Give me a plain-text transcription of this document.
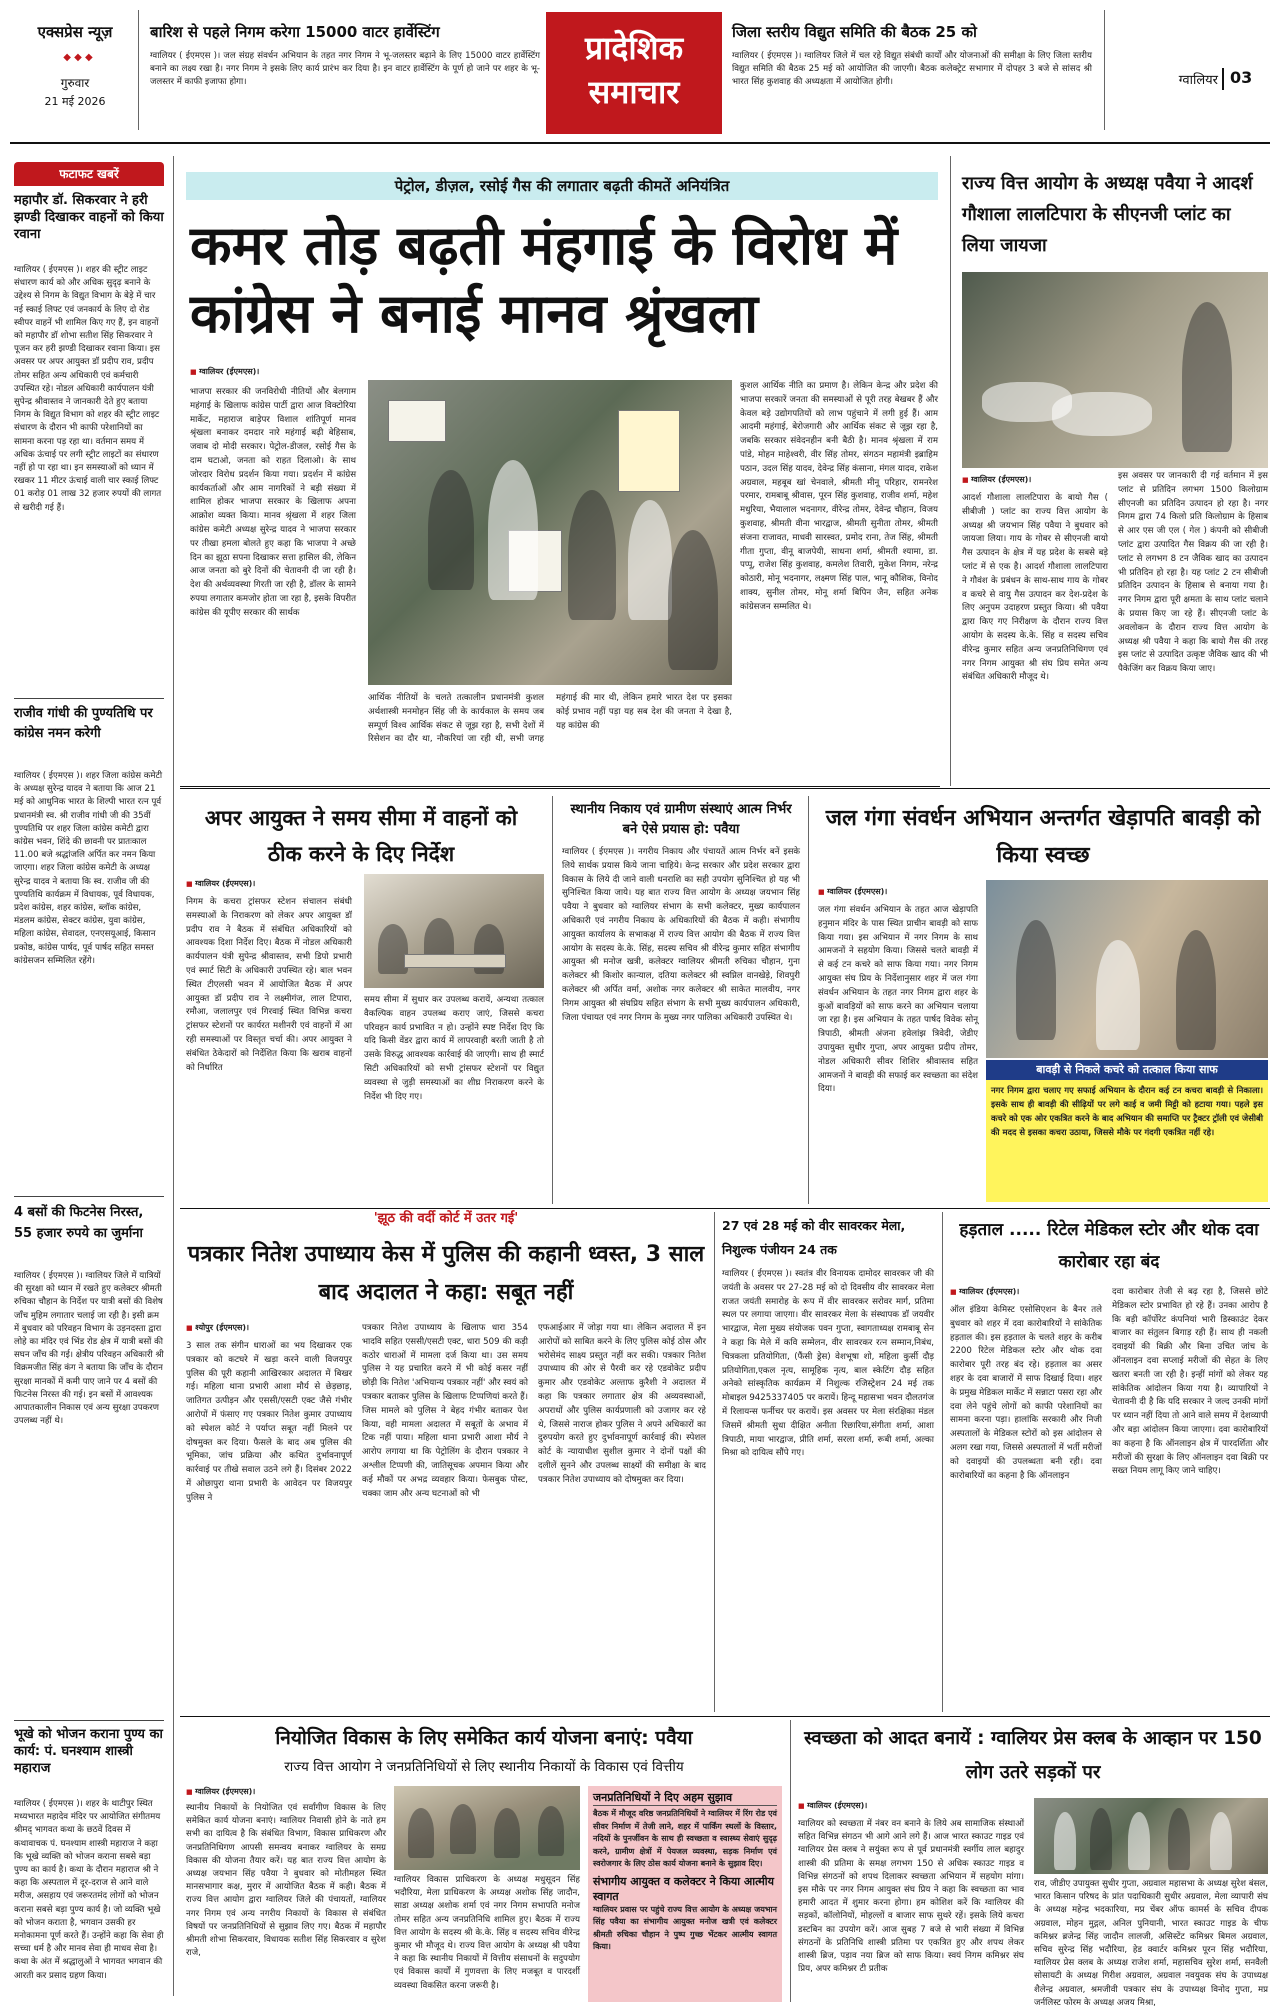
एक्सप्रेस न्यूज़
◆ ◆ ◆
गुरुवार
21 मई 2026
बारिश से पहले निगम करेगा 15000 वाटर हार्वेस्टिंग
ग्वालियर ( ईएमएस )। जल संग्रह संवर्धन अभियान के तहत नगर निगम ने भू-जलस्तर बढ़ाने के लिए 15000 वाटर हार्वेस्टिंग बनाने का लक्ष्य रखा है। नगर निगम ने इसके लिए कार्य प्रारंभ कर दिया है। इन वाटर हार्वेस्टिंग के पूर्ण हो जाने पर शहर के भू-जलस्तर में काफी इजाफा होगा।
प्रादेशिक
समाचार
जिला स्तरीय विद्युत समिति की बैठक 25 को
ग्वालियर ( ईएमएस )। ग्वालियर जिले में चल रहे विद्युत संबंधी कार्यों और योजनाओं की समीक्षा के लिए जिला स्तरीय विद्युत समिति की बैठक 25 मई को आयोजित की जाएगी। बैठक कलेक्ट्रेट सभागार में दोपहर 3 बजे से सांसद श्री भारत सिंह कुशवाह की अध्यक्षता में आयोजित होगी।	ग्वालियर 03
फटाफट खबरें
महापौर डॉ. सिकरवार ने हरी झण्डी दिखाकर वाहनों को किया रवाना
ग्वालियर ( ईएमएस )। शहर की स्ट्रीट लाइट संधारण कार्य को और अधिक सुदृढ़ बनाने के उद्देश्य से निगम के विद्युत विभाग के बेड़े में चार नई स्काई लिफ्ट एवं जनकार्य के लिए दो रोड स्वीपर वाहनें भी शामिल किए गए हैं, इन वाहनों को महापौर डॉ शोभा सतीश सिंह सिकरवार ने पूजन कर हरी झण्डी दिखाकर रवाना किया। इस अवसर पर अपर आयुक्त डॉ प्रदीप राव, प्रदीप तोमर सहित अन्य अधिकारी एवं कर्मचारी उपस्थित रहे। नोडल अधिकारी कार्यपालन यंत्री सुपेन्द्र श्रीवास्तव ने जानकारी देते हुए बताया निगम के विद्युत विभाग को शहर की स्ट्रीट लाइट संधारण के दौरान भी काफी परेशानियों का सामना करना पड़ रहा था। वर्तमान समय में अधिक ऊंचाई पर लगी स्ट्रीट लाइटों का संधारण नहीं हो पा रहा था। इन समस्याओं को ध्यान में रखकर 11 मीटर ऊंचाई वाली चार स्काई लिफ्ट 01 करोड़ 01 लाख 32 हजार रुपयों की लागत से खरीदी गई हैं।
राजीव गांधी की पुण्यतिथि पर कांग्रेस नमन करेगी
ग्वालियर ( ईएमएस )। शहर जिला कांग्रेस कमेटी के अध्यक्ष सुरेन्द्र यादव ने बताया कि आज 21 मई को आधुनिक भारत के शिल्पी भारत रत्न पूर्व प्रधानमंत्री स्व. श्री राजीव गांधी जी की 35वीं पुण्यतिथि पर शहर जिला कांग्रेस कमेटी द्वारा कांग्रेस भवन, शिंदे की छावनी पर प्रातःकाल 11.00 बजे श्रद्धांजलि अर्पित कर नमन किया जाएगा। शहर जिला कांग्रेस कमेटी के अध्यक्ष सुरेन्द्र यादव ने बताया कि स्व. राजीव जी की पुण्यतिथि कार्यक्रम में विधायक, पूर्व विधायक, प्रदेश कांग्रेस, शहर कांग्रेस, ब्लॉक कांग्रेस, मंडलम कांग्रेस, सेक्टर कांग्रेस, युवा कांग्रेस, महिला कांग्रेस, सेवादल, एनएसयूआई, किसान प्रकोष्ठ, कांग्रेस पार्षद, पूर्व पार्षद सहित समस्त कांग्रेसजन सम्मिलित रहेंगे।
4 बसों की फिटनेस निरस्त, 55 हजार रुपये का जुर्माना
ग्वालियर ( ईएमएस )। ग्वालियर जिले में यात्रियों की सुरक्षा को ध्यान में रखते हुए कलेक्टर श्रीमती रुचिका चौहान के निर्देश पर यात्री बसों की विशेष जाँच मुहिम लगातार चलाई जा रही है। इसी क्रम में बुधवार को परिवहन विभाग के उड़नदस्ता द्वारा लोहे का मंदिर एवं भिंड रोड क्षेत्र में यात्री बसों की सघन जाँच की गई। क्षेत्रीय परिवहन अधिकारी श्री विक्रमजीत सिंह कंग ने बताया कि जाँच के दौरान सुरक्षा मानकों में कमी पाए जाने पर 4 बसों की फिटनेस निरस्त की गई। इन बसों में आवश्यक आपातकालीन निकास एवं अन्य सुरक्षा उपकरण उपलब्ध नहीं थे।
भूखे को भोजन कराना पुण्य का कार्य: पं. घनश्याम शास्त्री महाराज
ग्वालियर ( ईएमएस )। शहर के थाटीपुर स्थित मध्यभारत महादेव मंदिर पर आयोजित संगीतमय श्रीमद् भागवत कथा के छठवें दिवस में कथावाचक पं. घनश्याम शास्त्री महाराज ने कहा कि भूखे व्यक्ति को भोजन कराना सबसे बड़ा पुण्य का कार्य है। कथा के दौरान महाराज श्री ने कहा कि अस्पताल में दूर-दराज से आने वाले मरीज, असहाय एवं जरूरतमंद लोगों को भोजन कराना सबसे बड़ा पुण्य कार्य है। जो व्यक्ति भूखे को भोजन कराता है, भगवान उसकी हर मनोकामना पूर्ण करते हैं। उन्होंने कहा कि सेवा ही सच्चा धर्म है और मानव सेवा ही माधव सेवा है। कथा के अंत में श्रद्धालुओं ने भागवत भगवान की आरती कर प्रसाद ग्रहण किया।
पेट्रोल, डीज़ल, रसोई गैस की लगातार बढ़ती कीमतें अनियंत्रित
कमर तोड़ बढ़ती मंहगाई के विरोध में कांग्रेस ने बनाई मानव श्रृंखला
■ ग्वालियर (ईएमएस)।
भाजपा सरकार की जनविरोधी नीतियों और बेलगाम महंगाई के खिलाफ कांग्रेस पार्टी द्वारा आज विक्टोरिया मार्केट, महाराज बाड़ेपर विशाल शांतिपूर्ण मानव श्रृंखला बनाकर दमदार नारे महंगाई बढ़ी बेहिसाब, जवाब दो मोदी सरकार। पेट्रोल-डीजल, रसोई गैस के दाम घटाओ, जनता को राहत दिलाओ। के साथ जोरदार विरोध प्रदर्शन किया गया। प्रदर्शन में कांग्रेस कार्यकर्ताओं और आम नागरिकों ने बड़ी संख्या में शामिल होकर भाजपा सरकार के खिलाफ अपना आक्रोश व्यक्त किया। मानव श्रृंखला में शहर जिला कांग्रेस कमेटी अध्यक्ष सुरेन्द्र यादव ने भाजपा सरकार पर तीखा हमला बोलते हुए कहा कि भाजपा ने अच्छे दिन का झूठा सपना दिखाकर सत्ता हासिल की, लेकिन आज जनता को बुरे दिनों की चेतावनी दी जा रही है। देश की अर्थव्यवस्था गिरती जा रही है, डॉलर के सामने रुपया लगातार कमजोर होता जा रहा है, इसके विपरीत कांग्रेस की यूपीए सरकार की सार्थक
आर्थिक नीतियों के चलते तत्कालीन प्रधानमंत्री कुशल अर्थशास्त्री मनमोहन सिंह जी के कार्यकाल के समय जब सम्पूर्ण विश्व आर्थिक संकट से जूझ रहा है, सभी देशों में रिसेशन का दौर था, नौकरियां जा रही थी, सभी जगह महंगाई की मार थी, लेकिन हमारे भारत देश पर इसका कोई प्रभाव नहीं पड़ा यह सब देश की जनता ने देखा है, यह कांग्रेस की
कुशल आर्थिक नीति का प्रमाण है। लेकिन केन्द्र और प्रदेश की भाजपा सरकारें जनता की समस्याओं से पूरी तरह बेखबर हैं और केवल बड़े उद्योगपतियों को लाभ पहुंचाने में लगी हुई हैं। आम आदमी महंगाई, बेरोजगारी और आर्थिक संकट से जूझ रहा है, जबकि सरकार संवेदनहीन बनी बैठी है। मानव श्रृंखला में राम पांडे, मोहन माहेश्वरी, वीर सिंह तोमर, संगठन महामंत्री इब्राहिम पठान, उदल सिंह यादव, देवेन्द्र सिंह कंसाना, मंगल यादव, राकेश अग्रवाल, महबूब खां चेनवाले, श्रीमती मीनू परिहार, रामनरेश परमार, रामबाबू श्रीवास, पूरन सिंह कुशवाह, राजीव शर्मा, महेश मधुरिया, भैयालाल भदनागर, वीरेन्द्र तोमर, देवेन्द्र चौहान, विजय कुशवाह, श्रीमती वीना भारद्वाज, श्रीमती सुनीता तोमर, श्रीमती संजना राजावत, माधवी सारस्वत, प्रमोद राना, तेज सिंह, श्रीमती गीता गुप्ता, वीनू बाजपेयी, साधना शर्मा, श्रीमती श्यामा, डा. पप्पू, राजेश सिंह कुशवाह, कमलेश तिवारी, मुकेश निगम, नरेन्द्र कोठारी, मोनू भदनागर, लक्ष्मण सिंह पाल, भानू कौशिक, विनोद शाक्य, सुनील तोमर, मोनू शर्मा बिपिन जैन, सहित अनेक कांग्रेसजन सम्मलित थे।
राज्य वित्त आयोग के अध्यक्ष पवैया ने आदर्श गौशाला लालटिपारा के सीएनजी प्लांट का लिया जायजा
■ ग्वालियर (ईएमएस)।
आदर्श गौशाला लालटिपारा के बायो गैस ( सीबीजी ) प्लांट का राज्य वित्त आयोग के अध्यक्ष श्री जयभान सिंह पवैया ने बुधवार को जायजा लिया। गाय के गोबर से सीएनजी बायो गैस उत्पादन के क्षेत्र में यह प्रदेश के सबसे बड़े प्लांट में से एक है। आदर्श गौशाला लालटिपारा ने गौवंश के प्रबंधन के साथ-साथ गाय के गोबर व कचरे से वायु गैस उत्पादन कर देश-प्रदेश के लिए अनुपम उदाहरण प्रस्तुत किया। श्री पवैया द्वारा किए गए निरीक्षण के दौरान राज्य वित्त आयोग के सदस्य के.के. सिंह व सदस्य सचिव वीरेन्द्र कुमार सहित अन्य जनप्रतिनिधिगण एवं नगर निगम आयुक्त श्री संघ प्रिय समेत अन्य संबंधित अधिकारी मौजूद थे।
इस अवसर पर जानकारी दी गई वर्तमान में इस प्लांट से प्रतिदिन लगभग 1500 किलोग्राम सीएनजी का प्रतिदिन उत्पादन हो रहा है। नगर निगम द्वारा 74 किलो प्रति किलोग्राम के हिसाब से आर एस जी एल ( गेल ) कंपनी को सीबीजी प्लांट द्वारा उत्पादित गैस विक्रय की जा रही है। प्लांट से लगभग 8 टन जैविक खाद का उत्पादन भी प्रतिदिन हो रहा है। यह प्लांट 2 टन सीबीजी प्रतिदिन उत्पादन के हिसाब से बनाया गया है। नगर निगम द्वारा पूरी क्षमता के साथ प्लांट चलाने के प्रयास किए जा रहे हैं। सीएनजी प्लांट के अवलोकन के दौरान राज्य वित्त आयोग के अध्यक्ष श्री पवैया ने कहा कि बायो गैस की तरह इस प्लांट से उत्पादित उत्कृष्ट जैविक खाद की भी पैकेजिंग कर विक्रय किया जाए।
अपर आयुक्त ने समय सीमा में वाहनों को ठीक करने के दिए निर्देश
■ ग्वालियर (ईएमएस)।
निगम के कचरा ट्रांसफर स्टेशन संचालन संबंधी समस्याओं के निराकरण को लेकर अपर आयुक्त डॉ प्रदीप राव ने बैठक में संबंधित अधिकारियों को आवश्यक दिशा निर्देश दिए। बैठक में नोडल अधिकारी कार्यपालन यंत्री सुपेन्द्र श्रीवास्तव, सभी डिपो प्रभारी एवं स्मार्ट सिटी के अधिकारी उपस्थित रहे। बाल भवन स्थित टीएलसी भवन में आयोजित बैठक में अपर आयुक्त डॉ प्रदीप राव ने लक्ष्मीगंज, लाल टिपारा, रमौआ, जलालपुर एवं गिरवाई स्थित विभिन्न कचरा ट्रांसफर स्टेशनों पर कार्यरत मशीनरी एवं वाहनों में आ रही समस्याओं पर विस्तृत चर्चा की। अपर आयुक्त ने संबंधित ठेकेदारों को निर्देशित किया कि खराब वाहनों को निर्धारित
समय सीमा में सुधार कर उपलब्ध करायें, अन्यथा तत्काल वैकल्पिक वाहन उपलब्ध कराए जाएं, जिससे कचरा परिवहन कार्य प्रभावित न हो। उन्होंने स्पष्ट निर्देश दिए कि यदि किसी वेंडर द्वारा कार्य में लापरवाही बरती जाती है तो उसके विरुद्ध आवश्यक कार्रवाई की जाएगी। साथ ही स्मार्ट सिटी अधिकारियों को सभी ट्रांसफर स्टेशनों पर विद्युत व्यवस्था से जुड़ी समस्याओं का शीघ्र निराकरण करने के निर्देश भी दिए गए।
स्थानीय निकाय एवं ग्रामीण संस्थाएं आत्म निर्भर बने ऐसे प्रयास हो: पवैया
ग्वालियर ( ईएमएस )। नगरीय निकाय और पंचायतें आत्म निर्भर बनें इसके लिये सार्थक प्रयास किये जाना चाहिये। केन्द्र सरकार और प्रदेश सरकार द्वारा विकास के लिये दी जाने वाली धनराशि का सही उपयोग सुनिश्चित हो यह भी सुनिश्चित किया जाये। यह बात राज्य वित्त आयोग के अध्यक्ष जयभान सिंह पवैया ने बुधवार को ग्वालियर संभाग के सभी कलेक्टर, मुख्य कार्यपालन अधिकारी एवं नगरीय निकाय के अधिकारियों की बैठक में कही। संभागीय आयुक्त कार्यालय के सभाकक्ष में राज्य वित्त आयोग की बैठक में राज्य वित्त आयोग के सदस्य के.के. सिंह, सदस्य सचिव श्री वीरेन्द्र कुमार सहित संभागीय आयुक्त श्री मनोज खत्री, कलेक्टर ग्वालियर श्रीमती रुचिका चौहान, गुना कलेक्टर श्री किशोर कान्याल, दतिया कलेक्टर श्री स्वप्निल वानखेड़े, शिवपुरी कलेक्टर श्री अर्पित वर्मा, अशोक नगर कलेक्टर श्री साकेत मालवीय, नगर निगम आयुक्त श्री संघप्रिय सहित संभाग के सभी मुख्य कार्यपालन अधिकारी, जिला पंचायत एवं नगर निगम के मुख्य नगर पालिका अधिकारी उपस्थित थे।
जल गंगा संवर्धन अभियान अन्तर्गत खेड़ापति बावड़ी को किया स्वच्छ
■ ग्वालियर (ईएमएस)।
जल गंगा संवर्धन अभियान के तहत आज खेड़ापति हनुमान मंदिर के पास स्थित प्राचीन बावड़ी को साफ किया गया। इस अभियान में नगर निगम के साथ आमजनों ने सहयोग किया। जिससे चलते बावड़ी में से कई टन कचरे को साफ किया गया। नगर निगम आयुक्त संघ प्रिय के निर्देशानुसार शहर में जल गंगा संवर्धन अभियान के तहत नगर निगम द्वारा शहर के कुओं बावड़ियों को साफ करने का अभियान चलाया जा रहा है। इस अभियान के तहत पार्षद विवेक सोनू त्रिपाठी, श्रीमती अंजना हवेलांझ त्रिवेदी, जेडीए उपायुक्त सुधीर गुप्ता, अपर आयुक्त प्रदीप तोमर, नोडल अधिकारी सीवर शिशिर श्रीवास्तव सहित आमजनों ने बावड़ी की सफाई कर स्वच्छता का संदेश दिया।
बावड़ी से निकले कचरे को तत्काल किया साफ
नगर निगम द्वारा चलाए गए सफाई अभियान के दौरान कई टन कचरा बावड़ी से निकाला। इसके साथ ही बावड़ी की सीढ़ियों पर लगे काई व जमी मिट्टी को हटाया गया। पहले इस कचरे को एक ओर एकत्रित करने के बाद अभियान की समाप्ति पर ट्रैक्टर ट्रॉली एवं जेसीबी की मदद से इसका कचरा उठाया, जिससे मौके पर गंदगी एकत्रित नहीं रहे।
'झूठ की वर्दी कोर्ट में उतर गई'
पत्रकार नितेश उपाध्याय केस में पुलिस की कहानी ध्वस्त, 3 साल बाद अदालत ने कहा: सबूत नहीं
■ श्योपुर (ईएमएस)।
3 साल तक संगीन धाराओं का भय दिखाकर एक पत्रकार को कटघरे में खड़ा करने वाली विजयपुर पुलिस की पूरी कहानी आखिरकार अदालत में बिखर गई। महिला थाना प्रभारी आशा मौर्य से छेड़छाड़, जातिगत उत्पीड़न और एससी/एसटी एक्ट जैसे गंभीर आरोपों में फंसाए गए पत्रकार नितेश कुमार उपाध्याय को स्पेशल कोर्ट ने पर्याप्त सबूत नहीं मिलने पर दोषमुक्त कर दिया। फैसले के बाद अब पुलिस की भूमिका, जांच प्रक्रिया और कथित दुर्भावनापूर्ण कार्रवाई पर तीखे सवाल उठने लगे हैं। दिसंबर 2022 में ओछापुरा थाना प्रभारी के आवेदन पर विजयपुर पुलिस ने
पत्रकार नितेश उपाध्याय के खिलाफ धारा 354 भादवि सहित एससी/एसटी एक्ट, धारा 509 की कड़ी कठोर धाराओं में मामला दर्ज किया था। उस समय पुलिस ने यह प्रचारित करने में भी कोई कसर नहीं छोड़ी कि नितेश 'अभियान्य पत्रकार नहीं' और स्वयं को पत्रकार बताकर पुलिस के खिलाफ टिप्पणियां करते हैं। जिस मामले को पुलिस ने बेहद गंभीर बताकर पेश किया, वही मामला अदालत में सबूतों के अभाव में टिक नहीं पाया। महिला थाना प्रभारी आशा मौर्य ने आरोप लगाया था कि पेट्रोलिंग के दौरान पत्रकार ने अश्लील टिप्पणी की, जातिसूचक अपमान किया और कई मौकों पर अभद्र व्यवहार किया। फेसबुक पोस्ट, चक्का जाम और अन्य घटनाओं को भी
एफआईआर में जोड़ा गया था। लेकिन अदालत में इन आरोपों को साबित करने के लिए पुलिस कोई ठोस और भरोसेमंद साक्ष्य प्रस्तुत नहीं कर सकी। पत्रकार नितेश उपाध्याय की ओर से पैरवी कर रहे एडवोकेट प्रदीप कुमार और एडवोकेट अल्ताफ कुरैशी ने अदालत में कहा कि पत्रकार लगातार क्षेत्र की अव्यवस्थाओं, अपराधों और पुलिस कार्यप्रणाली को उजागर कर रहे थे, जिससे नाराज होकर पुलिस ने अपने अधिकारों का दुरुपयोग करते हुए दुर्भावनापूर्ण कार्रवाई की। स्पेशल कोर्ट के न्यायाधीश सुशील कुमार ने दोनों पक्षों की दलीलें सुनने और उपलब्ध साक्ष्यों की समीक्षा के बाद पत्रकार नितेश उपाध्याय को दोषमुक्त कर दिया।
27 एवं 28 मई को वीर सावरकर मेला, निशुल्क पंजीयन 24 तक
ग्वालियर ( ईएमएस )। स्वतंत्र वीर विनायक दामोदर सावरकर जी की जयंती के अवसर पर 27-28 मई को दो दिवसीय वीर सावरकर मेला राजत जयंती समारोह के रूप में वीर सावरकर सरोवर मार्ग, प्रतिमा स्थल पर लगाया जाएगा। वीर सावरकर मेला के संस्थापक डॉ जयवीर भारद्वाज, मेला मुख्य संयोजक पवन गुप्ता, स्वागताध्यक्ष रामबाबू सेन ने कहा कि मेले में कवि सम्मेलन, वीर सावरकर रत्न सम्मान,निबंध, चित्रकला प्रतियोगिता, (फैंसी ड्रेस) वेशभूषा शो, महिला कुर्सी दौड़ प्रतियोगिता,एकल नृत्य, सामूहिक नृत्य, बाल स्केटिंग दौड़ सहित अनेको सांस्कृतिक कार्यक्रम में निशुल्क रजिस्ट्रेशन 24 मई तक मोबाइल 9425337405 पर करायें। हिन्दू महासभा भवन दौलतगंज में रिलायन्स फर्नीचर पर करायें। इस अवसर पर मेला संरक्षिका मंडल जिसमें श्रीमती सुधा दीक्षित अनीता रिछारिया,संगीता शर्मा, आशा त्रिपाठी, माया भारद्वाज, प्रीति शर्मा, सरला शर्मा, रूबी शर्मा, अल्का मिश्रा को दायित्व सौंपे गए।
हड़ताल ..... रिटेल मेडिकल स्टोर और थोक दवा कारोबार रहा बंद
■ ग्वालियर (ईएमएस)।
ऑल इंडिया केमिस्ट एसोसिएशन के बैनर तले बुधवार को शहर में दवा कारोबारियों ने सांकेतिक हड़ताल की। इस हड़ताल के चलते शहर के करीब 2200 रिटेल मेडिकल स्टोर और थोक दवा कारोबार पूरी तरह बंद रहे। हड़ताल का असर शहर के दवा बाजारों में साफ दिखाई दिया। शहर के प्रमुख मेडिकल मार्केट में सन्नाटा पसरा रहा और दवा लेने पहुंचे लोगों को काफी परेशानियों का सामना करना पड़ा। हालांकि सरकारी और निजी अस्पतालों के मेडिकल स्टोरों को इस आंदोलन से अलग रखा गया, जिससे अस्पतालों में भर्ती मरीजों को दवाइयों की उपलब्धता बनी रही। दवा कारोबारियों का कहना है कि ऑनलाइन
दवा कारोबार तेजी से बढ़ रहा है, जिससे छोटे मेडिकल स्टोर प्रभावित हो रहे हैं। उनका आरोप है कि बड़ी कॉर्पोरेट कंपनियां भारी डिस्काउंट देकर बाजार का संतुलन बिगाड़ रही हैं। साथ ही नकली दवाइयों की बिक्री और बिना उचित जांच के ऑनलाइन दवा सप्लाई मरीजों की सेहत के लिए खतरा बनती जा रही है। इन्हीं मांगों को लेकर यह सांकेतिक आंदोलन किया गया है। व्यापारियों ने चेतावनी दी है कि यदि सरकार ने जल्द उनकी मांगों पर ध्यान नहीं दिया तो आने वाले समय में देशव्यापी और बड़ा आंदोलन किया जाएगा। दवा कारोबारियों का कहना है कि ऑनलाइन क्षेत्र में पारदर्शिता और मरीजों की सुरक्षा के लिए ऑनलाइन दवा बिक्री पर सख्त नियम लागू किए जाने चाहिए।
नियोजित विकास के लिए समेकित कार्य योजना बनाएं: पवैया
राज्य वित्त आयोग ने जनप्रतिनिधियों से लिए स्थानीय निकायों के विकास एवं वित्तीय
■ ग्वालियर (ईएमएस)।
स्थानीय निकायों के नियोजित एवं सर्वांगीण विकास के लिए समेकित कार्य योजना बनाएं। ग्वालियर निवासी होने के नाते हम सभी का दायित्व है कि संबंधित विभाग, विकास प्राधिकरण और जनप्रतिनिधिगण आपसी समन्वय बनाकर ग्वालियर के समग्र विकास की योजना तैयार करें। यह बात राज्य वित्त आयोग के अध्यक्ष जयभान सिंह पवैया ने बुधवार को मोतीमहल स्थित मानसभागार कक्ष, मुरार में आयोजित बैठक में कही। बैठक में राज्य वित्त आयोग द्वारा ग्वालियर जिले की पंचायतों, ग्वालियर नगर निगम एवं अन्य नगरीय निकायों के विकास से संबंधित विषयों पर जनप्रतिनिधियों से सुझाव लिए गए। बैठक में महापौर श्रीमती शोभा सिकरवार, विधायक सतीश सिंह सिकरवार व सुरेश राजे,
ग्वालियर विकास प्राधिकरण के अध्यक्ष मधुसूदन सिंह भदौरिया, मेला प्राधिकरण के अध्यक्ष अशोक सिंह जादौन, साडा अध्यक्ष अशोक शर्मा एवं नगर निगम सभापति मनोज तोमर सहित अन्य जनप्रतिनिधि शामिल हुए। बैठक में राज्य वित्त आयोग के सदस्य श्री के.के. सिंह व सदस्य सचिव वीरेन्द्र कुमार भी मौजूद थे। राज्य वित्त आयोग के अध्यक्ष श्री पवैया ने कहा कि स्थानीय निकायों में वित्तीय संसाधनों के सदुपयोग एवं विकास कार्यों में गुणवत्ता के लिए मजबूत व पारदर्शी व्यवस्था विकसित करना जरूरी है।
जनप्रतिनिधियों ने दिए अहम सुझाव
बैठक में मौजूद वरिष्ठ जनप्रतिनिधियों ने ग्वालियर में रिंग रोड एवं सीवर निर्माण में तेजी लाने, शहर में पार्किंग स्थलों के विस्तार, नदियों के पुनर्जीवन के साथ ही स्वच्छता व स्वास्थ्य सेवाएं सुदृढ़ करने, ग्रामीण क्षेत्रों में पेयजल व्यवस्था, सड़क निर्माण एवं स्वरोजगार के लिए ठोस कार्य योजना बनाने के सुझाव दिए।
संभागीय आयुक्त व कलेक्टर ने किया आत्मीय स्वागत
ग्वालियर प्रवास पर पहुंचे राज्य वित्त आयोग के अध्यक्ष जयभान सिंह पवैया का संभागीय आयुक्त मनोज खत्री एवं कलेक्टर श्रीमती रुचिका चौहान ने पुष्प गुच्छ भेंटकर आत्मीय स्वागत किया।
स्वच्छता को आदत बनायें : ग्वालियर प्रेस क्लब के आव्हान पर 150 लोग उतरे सड़कों पर
■ ग्वालियर (ईएमएस)।
ग्वालियर को स्वच्छता में नंबर वन बनाने के लिये अब सामाजिक संस्थाओं सहित विभिन्न संगठन भी आगे आने लगे हैं। आज भारत स्काउट गाइड एवं ग्वालियर प्रेस क्लब ने सयुंक्त रूप से पूर्व प्रधानमंत्री स्वर्गीय लाल बहादुर शास्त्री की प्रतिमा के समक्ष लगभग 150 से अधिक स्काउट गाइड व विभिन्न संगठनों को शपथ दिलाकर स्वच्छता अभियान में सहयोग मांगा। इस मौके पर नगर निगम आयुक्त संघ प्रिय ने कहा कि स्वच्छता का भाव हमारी आदत में शुमार करना होगा। हम कोशिश करें कि ग्वालियर की सड़कों, कॉलोनियों, मोहल्लों व बाजार साफ सुथरे रहें। इसके लिये कचरा डस्टबिन का उपयोग करें। आज सुबह 7 बजे से भारी संख्या में विभिन्न संगठनों के प्रतिनिधि शास्त्री प्रतिमा पर एकत्रित हुए और शपथ लेकर शास्त्री ब्रिज, पड़ाव नया ब्रिज को साफ किया। स्वयं निगम कमिश्नर संघ प्रिय, अपर कमिश्नर टी प्रतीक
राव, जीडीए उपायुक्त सुधीर गुप्ता, अग्रवाल महासभा के अध्यक्ष सुरेश बंसल, भारत किसान परिषद के प्रांत पदाधिकारी सुधीर अग्रवाल, मेला व्यापारी संघ के अध्यक्ष महेन्द्र भदकारिया, मप्र चेंबर ऑफ कामर्स के सचिव दीपक अग्रवाल, मोहन मुद्गल, अनिल पुनियानी, भारत स्काउट गाइड के चीफ कमिश्नर ब्रजेन्द्र सिंह जादौन लालजी, असिस्टेंट कमिश्नर बिमल अग्रवाल, सचिव सुरेन्द्र सिंह भदौरिया, हेड क्वार्टर कमिश्नर पूरन सिंह भदौरिया, ग्वालियर प्रेस क्लब के अध्यक्ष राजेश शर्मा, महासचिव सुरेश शर्मा, सनवैली सोसायटी के अध्यक्ष गिरीश अग्रवाल, अग्रवाल नवयुवक संघ के उपाध्यक्ष शैलेन्द्र अग्रवाल, श्रमजीवी पत्रकार संघ के उपाध्यक्ष विनोद गुप्ता, मप्र जर्नलिस्ट फोरम के अध्यक्ष अजय मिश्रा,
